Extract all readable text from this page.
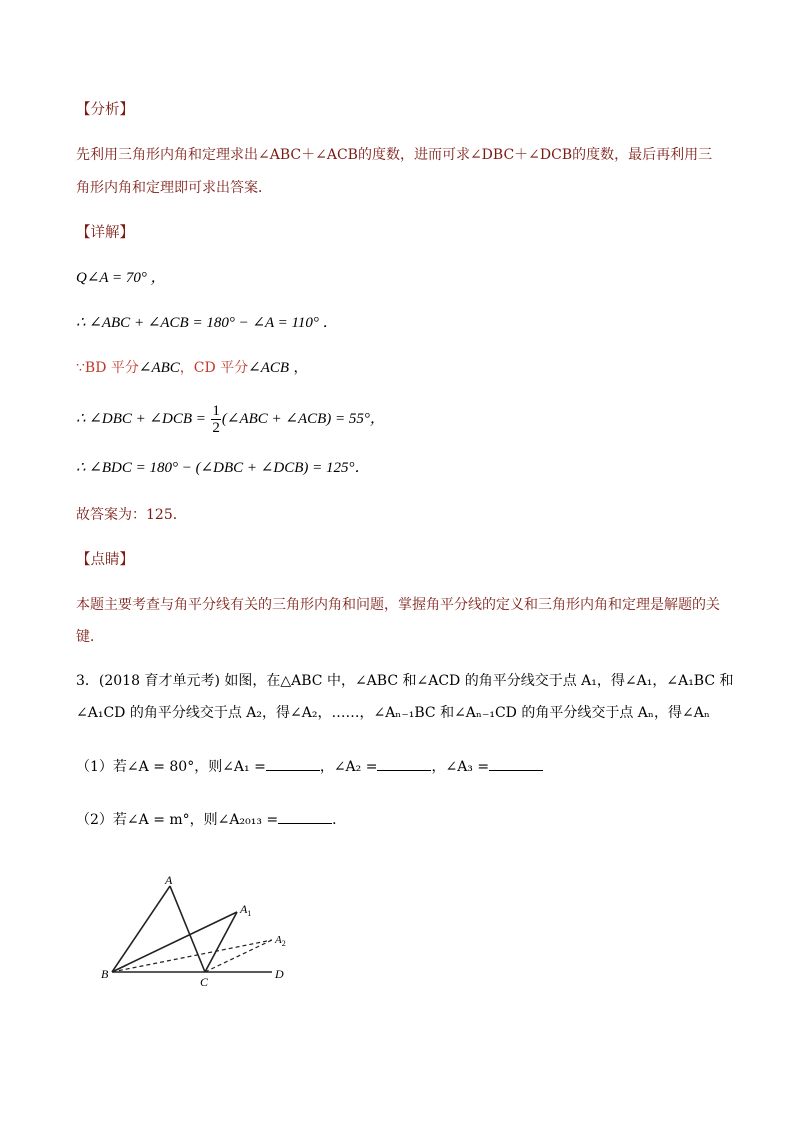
【分析】
先利用三角形内角和定理求出∠ABC＋∠ACB的度数，进而可求∠DBC＋∠DCB的度数，最后再利用三
角形内角和定理即可求出答案．
【详解】
Q∠A = 70° ，
∴ ∠ABC + ∠ACB = 180° − ∠A = 110° ．
∵BD 平分∠ABC，CD 平分∠ACB ，
∴ ∠DBC + ∠DCB = $\frac{1}{2}$ (∠ABC + ∠ACB) = 55°，
∴ ∠BDC = 180° − (∠DBC + ∠DCB) = 125°．
故答案为：125．
【点睛】
本题主要考查与角平分线有关的三角形内角和问题，掌握角平分线的定义和三角形内角和定理是解题的关
键．
3．(2018 育才单元考) 如图，在△ABC 中，∠ABC 和∠ACD 的角平分线交于点 A₁，得∠A₁，∠A₁BC 和
∠A₁CD 的角平分线交于点 A₂，得∠A₂，……，∠Aₙ₋₁BC 和∠Aₙ₋₁CD 的角平分线交于点 Aₙ，得∠Aₙ
（1）若∠A = 80°，则∠A₁ =	，∠A₂ =	，∠A₃ =
（2）若∠A = m°，则∠A₂₀₁₃ =	．
A
$A_1$
$A_2$
B
C
D
